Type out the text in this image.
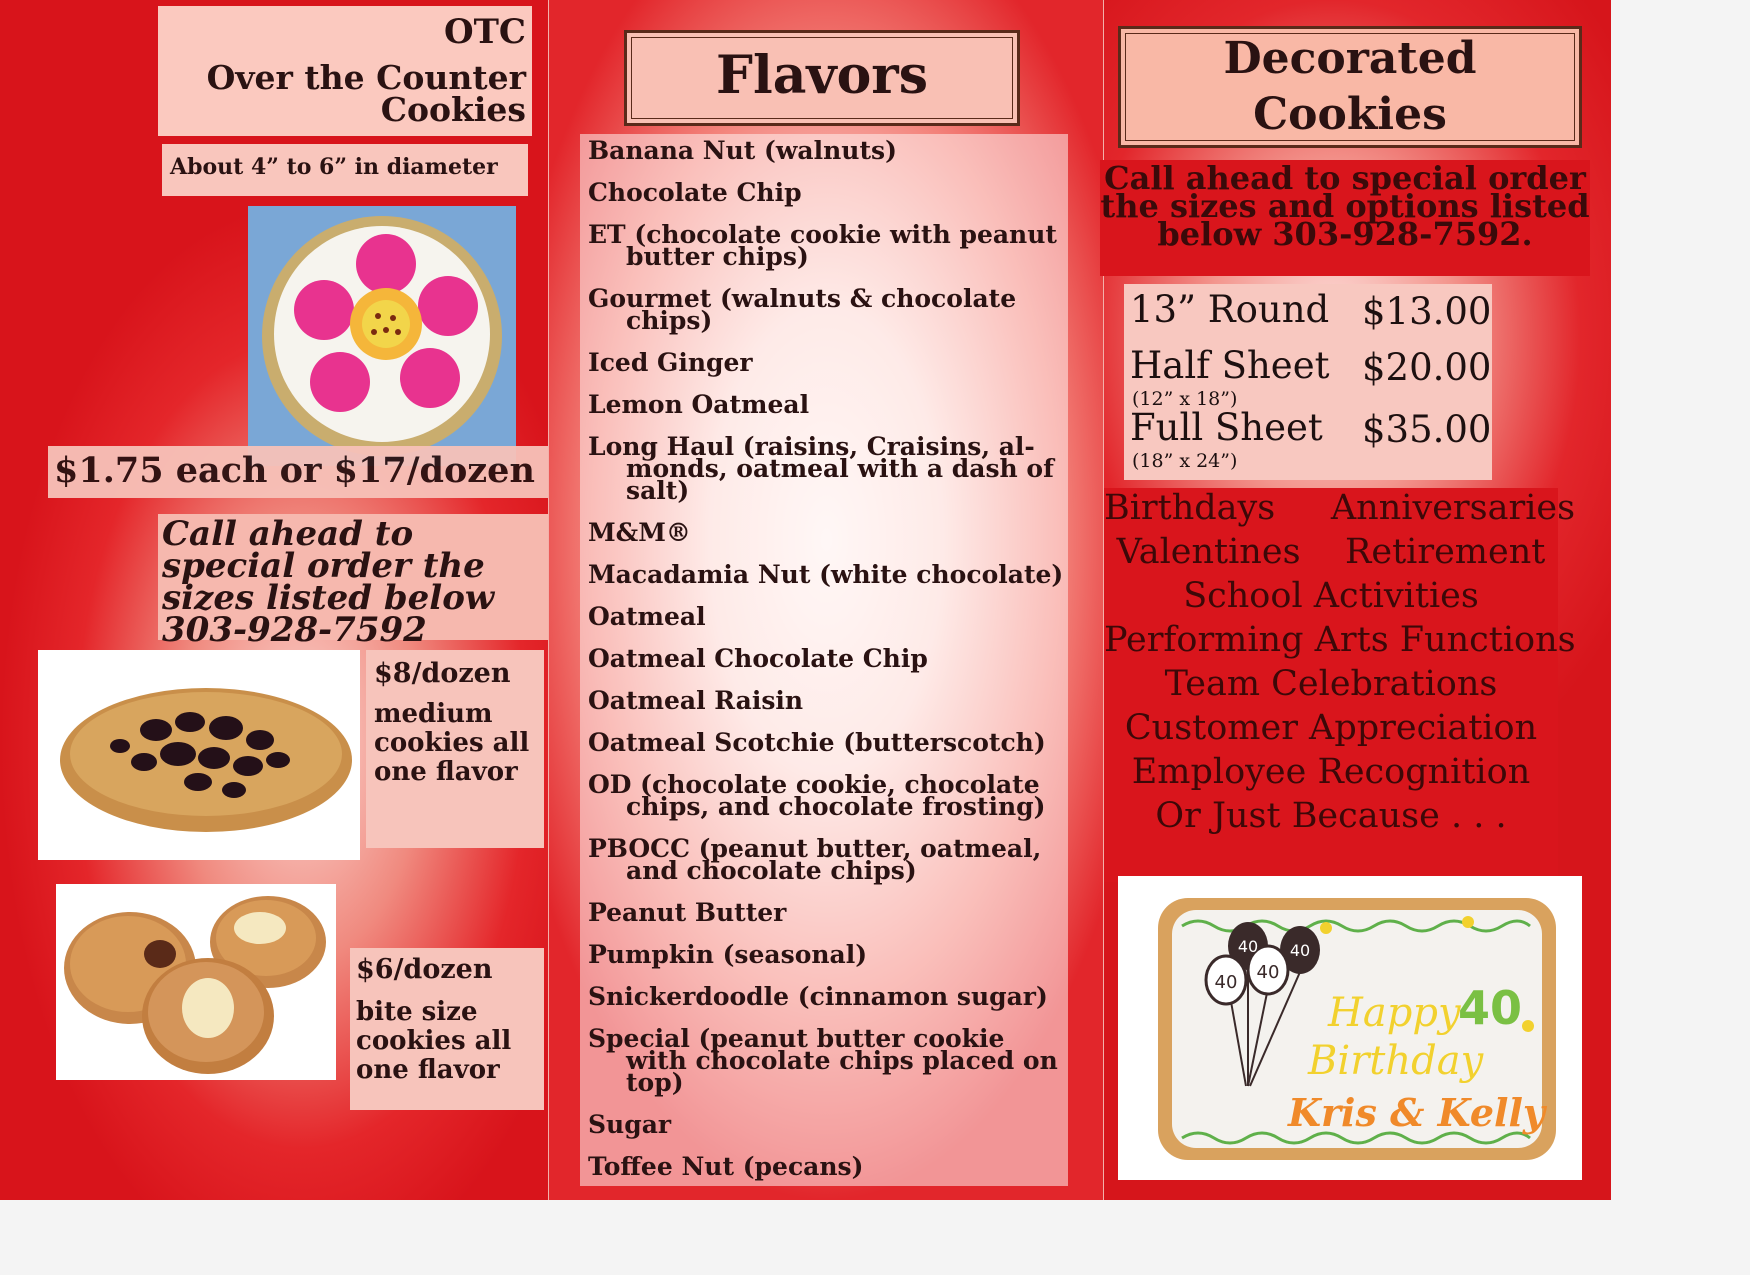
OTC
Over the Counter Cookies
About 4” to 6” in diameter
$1.75 each or $17/dozen
Call ahead to special order the sizes listed below 303-928-7592
$8/dozen
medium cookies all one flavor
$6/dozen
bite size cookies all one flavor
Flavors
Banana Nut (walnuts)
Chocolate Chip
ET (chocolate cookie with peanut butter chips)
Gourmet (walnuts & chocolate chips)
Iced Ginger
Lemon Oatmeal
Long Haul (raisins, Craisins, al- monds, oatmeal with a dash of salt)
M&M®
Macadamia Nut (white chocolate)
Oatmeal
Oatmeal Chocolate Chip
Oatmeal Raisin
Oatmeal Scotchie (butterscotch)
OD (chocolate cookie, chocolate chips, and chocolate frosting)
PBOCC (peanut butter, oatmeal, and chocolate chips)
Peanut Butter
Pumpkin (seasonal)
Snickerdoodle (cinnamon sugar)
Special (peanut butter cookie with chocolate chips placed on top)
Sugar
Toffee Nut (pecans)
Decorated
Cookies
Call ahead to special order the sizes and options listed below 303-928-7592.
13” Round $13.00
Half Sheet
(12” x 18”)
$20.00
Full Sheet
(18” x 24”)
$35.00
Birthdays     Anniversaries
Valentines    Retirement
School Activities
Performing Arts Functions
Team Celebrations
Customer Appreciation
Employee Recognition
Or Just Because . . .
40 40
40 40
Happy
40
Birthday
Kris & Kelly
